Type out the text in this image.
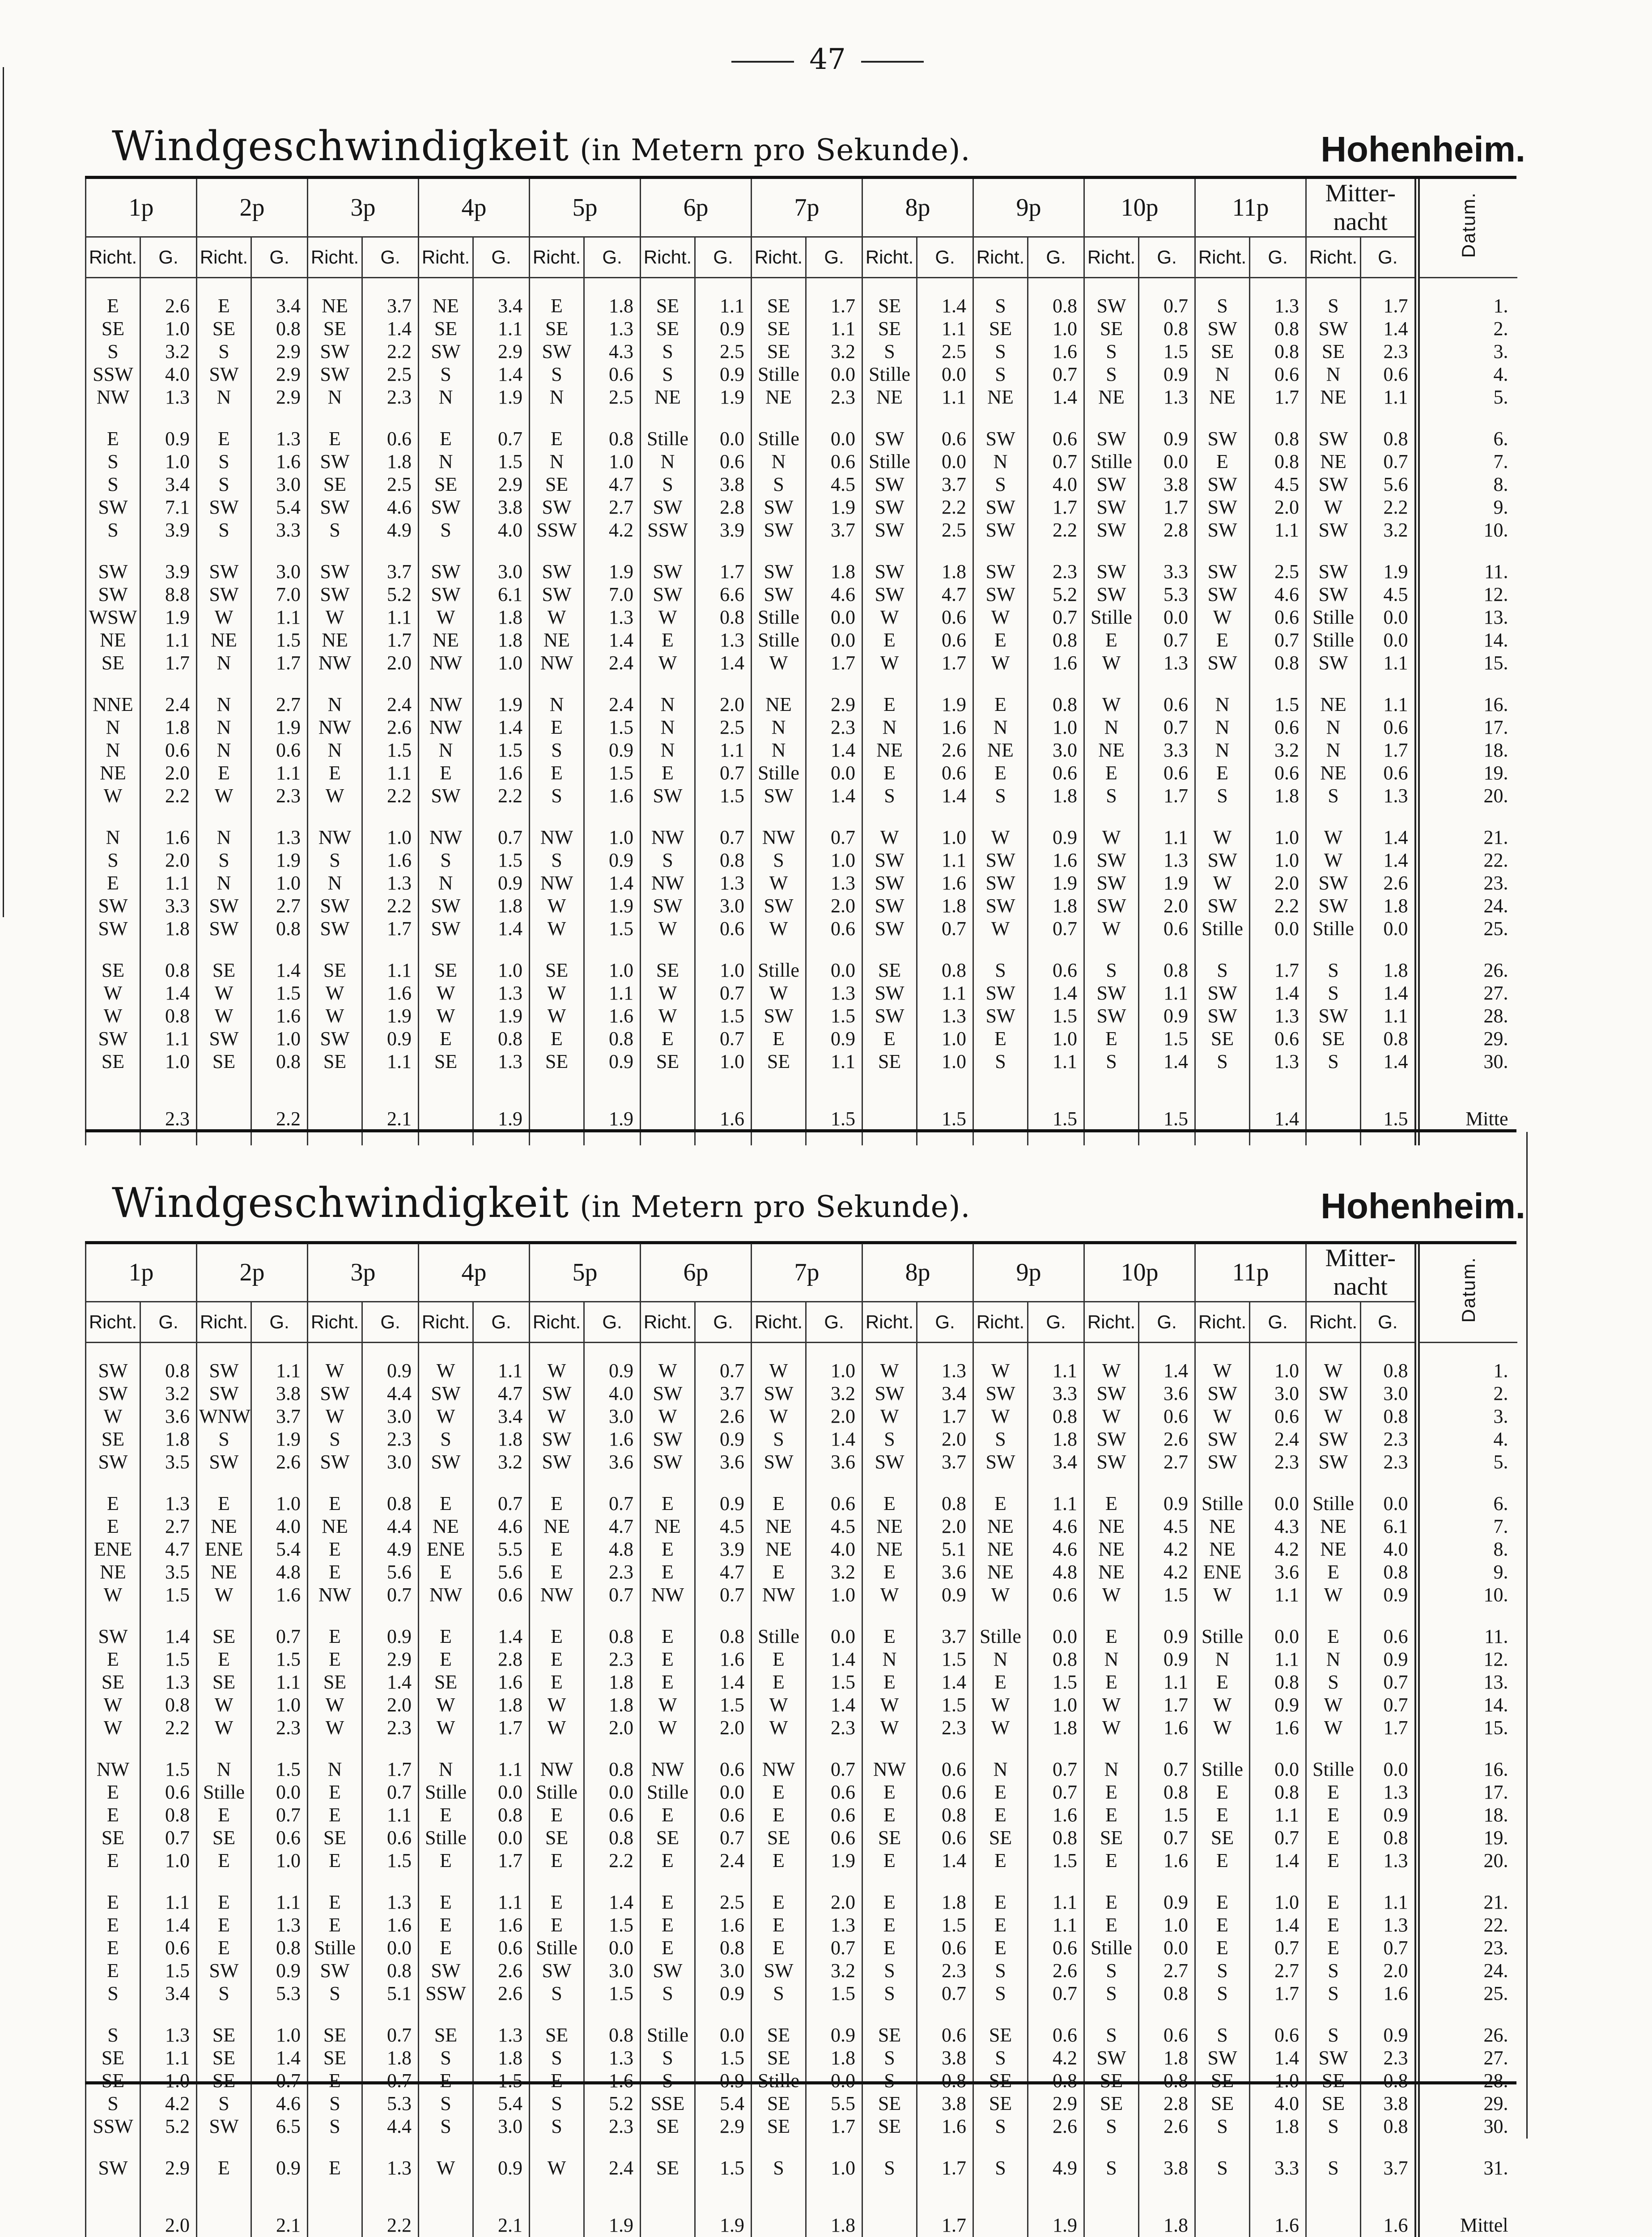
47
Windgeschwindigkeit (in Metern pro Sekunde).	Hohenheim.
1p		2p		3p		4p		5p		6p		7p		8p		9p		10p		11p		Mitter-nacht		Datum.
Richt.	G.	Richt.	G.	Richt.	G.	Richt.	G.	Richt.	G.	Richt.	G.	Richt.	G.	Richt.	G.	Richt.	G.	Richt.	G.	Richt.	G.	Richt.	G.	
E	2.6	E	3.4	NE	3.7	NE	3.4	E	1.8	SE	1.1	SE	1.7	SE	1.4	S	0.8	SW	0.7	S	1.3	S	1.7	1.
SE	1.0	SE	0.8	SE	1.4	SE	1.1	SE	1.3	SE	0.9	SE	1.1	SE	1.1	SE	1.0	SE	0.8	SW	0.8	SW	1.4	2.
S	3.2	S	2.9	SW	2.2	SW	2.9	SW	4.3	S	2.5	SE	3.2	S	2.5	S	1.6	S	1.5	SE	0.8	SE	2.3	3.
SSW	4.0	SW	2.9	SW	2.5	S	1.4	S	0.6	S	0.9	Stille	0.0	Stille	0.0	S	0.7	S	0.9	N	0.6	N	0.6	4.
NW	1.3	N	2.9	N	2.3	N	1.9	N	2.5	NE	1.9	NE	2.3	NE	1.1	NE	1.4	NE	1.3	NE	1.7	NE	1.1	5.

E	0.9	E	1.3	E	0.6	E	0.7	E	0.8	Stille	0.0	Stille	0.0	SW	0.6	SW	0.6	SW	0.9	SW	0.8	SW	0.8	6.
S	1.0	S	1.6	SW	1.8	N	1.5	N	1.0	N	0.6	N	0.6	Stille	0.0	N	0.7	Stille	0.0	E	0.8	NE	0.7	7.
S	3.4	S	3.0	SE	2.5	SE	2.9	SE	4.7	S	3.8	S	4.5	SW	3.7	S	4.0	SW	3.8	SW	4.5	SW	5.6	8.
SW	7.1	SW	5.4	SW	4.6	SW	3.8	SW	2.7	SW	2.8	SW	1.9	SW	2.2	SW	1.7	SW	1.7	SW	2.0	W	2.2	9.
S	3.9	S	3.3	S	4.9	S	4.0	SSW	4.2	SSW	3.9	SW	3.7	SW	2.5	SW	2.2	SW	2.8	SW	1.1	SW	3.2	10.

SW	3.9	SW	3.0	SW	3.7	SW	3.0	SW	1.9	SW	1.7	SW	1.8	SW	1.8	SW	2.3	SW	3.3	SW	2.5	SW	1.9	11.
SW	8.8	SW	7.0	SW	5.2	SW	6.1	SW	7.0	SW	6.6	SW	4.6	SW	4.7	SW	5.2	SW	5.3	SW	4.6	SW	4.5	12.
WSW	1.9	W	1.1	W	1.1	W	1.8	W	1.3	W	0.8	Stille	0.0	W	0.6	W	0.7	Stille	0.0	W	0.6	Stille	0.0	13.
NE	1.1	NE	1.5	NE	1.7	NE	1.8	NE	1.4	E	1.3	Stille	0.0	E	0.6	E	0.8	E	0.7	E	0.7	Stille	0.0	14.
SE	1.7	N	1.7	NW	2.0	NW	1.0	NW	2.4	W	1.4	W	1.7	W	1.7	W	1.6	W	1.3	SW	0.8	SW	1.1	15.

NNE	2.4	N	2.7	N	2.4	NW	1.9	N	2.4	N	2.0	NE	2.9	E	1.9	E	0.8	W	0.6	N	1.5	NE	1.1	16.
N	1.8	N	1.9	NW	2.6	NW	1.4	E	1.5	N	2.5	N	2.3	N	1.6	N	1.0	N	0.7	N	0.6	N	0.6	17.
N	0.6	N	0.6	N	1.5	N	1.5	S	0.9	N	1.1	N	1.4	NE	2.6	NE	3.0	NE	3.3	N	3.2	N	1.7	18.
NE	2.0	E	1.1	E	1.1	E	1.6	E	1.5	E	0.7	Stille	0.0	E	0.6	E	0.6	E	0.6	E	0.6	NE	0.6	19.
W	2.2	W	2.3	W	2.2	SW	2.2	S	1.6	SW	1.5	SW	1.4	S	1.4	S	1.8	S	1.7	S	1.8	S	1.3	20.

N	1.6	N	1.3	NW	1.0	NW	0.7	NW	1.0	NW	0.7	NW	0.7	W	1.0	W	0.9	W	1.1	W	1.0	W	1.4	21.
S	2.0	S	1.9	S	1.6	S	1.5	S	0.9	S	0.8	S	1.0	SW	1.1	SW	1.6	SW	1.3	SW	1.0	W	1.4	22.
E	1.1	N	1.0	N	1.3	N	0.9	NW	1.4	NW	1.3	W	1.3	SW	1.6	SW	1.9	SW	1.9	W	2.0	SW	2.6	23.
SW	3.3	SW	2.7	SW	2.2	SW	1.8	W	1.9	SW	3.0	SW	2.0	SW	1.8	SW	1.8	SW	2.0	SW	2.2	SW	1.8	24.
SW	1.8	SW	0.8	SW	1.7	SW	1.4	W	1.5	W	0.6	W	0.6	SW	0.7	W	0.7	W	0.6	Stille	0.0	Stille	0.0	25.

SE	0.8	SE	1.4	SE	1.1	SE	1.0	SE	1.0	SE	1.0	Stille	0.0	SE	0.8	S	0.6	S	0.8	S	1.7	S	1.8	26.
W	1.4	W	1.5	W	1.6	W	1.3	W	1.1	W	0.7	W	1.3	SW	1.1	SW	1.4	SW	1.1	SW	1.4	S	1.4	27.
W	0.8	W	1.6	W	1.9	W	1.9	W	1.6	W	1.5	SW	1.5	SW	1.3	SW	1.5	SW	0.9	SW	1.3	SW	1.1	28.
SW	1.1	SW	1.0	SW	0.9	E	0.8	E	0.8	E	0.7	E	0.9	E	1.0	E	1.0	E	1.5	SE	0.6	SE	0.8	29.
SE	1.0	SE	0.8	SE	1.1	SE	1.3	SE	0.9	SE	1.0	SE	1.1	SE	1.0	S	1.1	S	1.4	S	1.3	S	1.4	30.

	2.3		2.2		2.1		1.9		1.9		1.6		1.5		1.5		1.5		1.5		1.4		1.5	Mitte
Windgeschwindigkeit (in Metern pro Sekunde).	Hohenheim.
1p		2p		3p		4p		5p		6p		7p		8p		9p		10p		11p		Mitter-nacht		Datum.
Richt.	G.	Richt.	G.	Richt.	G.	Richt.	G.	Richt.	G.	Richt.	G.	Richt.	G.	Richt.	G.	Richt.	G.	Richt.	G.	Richt.	G.	Richt.	G.	
SW	0.8	SW	1.1	W	0.9	W	1.1	W	0.9	W	0.7	W	1.0	W	1.3	W	1.1	W	1.4	W	1.0	W	0.8	1.
SW	3.2	SW	3.8	SW	4.4	SW	4.7	SW	4.0	SW	3.7	SW	3.2	SW	3.4	SW	3.3	SW	3.6	SW	3.0	SW	3.0	2.
W	3.6	WNW	3.7	W	3.0	W	3.4	W	3.0	W	2.6	W	2.0	W	1.7	W	0.8	W	0.6	W	0.6	W	0.8	3.
SE	1.8	S	1.9	S	2.3	S	1.8	SW	1.6	SW	0.9	S	1.4	S	2.0	S	1.8	SW	2.6	SW	2.4	SW	2.3	4.
SW	3.5	SW	2.6	SW	3.0	SW	3.2	SW	3.6	SW	3.6	SW	3.6	SW	3.7	SW	3.4	SW	2.7	SW	2.3	SW	2.3	5.

E	1.3	E	1.0	E	0.8	E	0.7	E	0.7	E	0.9	E	0.6	E	0.8	E	1.1	E	0.9	Stille	0.0	Stille	0.0	6.
E	2.7	NE	4.0	NE	4.4	NE	4.6	NE	4.7	NE	4.5	NE	4.5	NE	2.0	NE	4.6	NE	4.5	NE	4.3	NE	6.1	7.
ENE	4.7	ENE	5.4	E	4.9	ENE	5.5	E	4.8	E	3.9	NE	4.0	NE	5.1	NE	4.6	NE	4.2	NE	4.2	NE	4.0	8.
NE	3.5	NE	4.8	E	5.6	E	5.6	E	2.3	E	4.7	E	3.2	E	3.6	NE	4.8	NE	4.2	ENE	3.6	E	0.8	9.
W	1.5	W	1.6	NW	0.7	NW	0.6	NW	0.7	NW	0.7	NW	1.0	W	0.9	W	0.6	W	1.5	W	1.1	W	0.9	10.

SW	1.4	SE	0.7	E	0.9	E	1.4	E	0.8	E	0.8	Stille	0.0	E	3.7	Stille	0.0	E	0.9	Stille	0.0	E	0.6	11.
E	1.5	E	1.5	E	2.9	E	2.8	E	2.3	E	1.6	E	1.4	N	1.5	N	0.8	N	0.9	N	1.1	N	0.9	12.
SE	1.3	SE	1.1	SE	1.4	SE	1.6	E	1.8	E	1.4	E	1.5	E	1.4	E	1.5	E	1.1	E	0.8	S	0.7	13.
W	0.8	W	1.0	W	2.0	W	1.8	W	1.8	W	1.5	W	1.4	W	1.5	W	1.0	W	1.7	W	0.9	W	0.7	14.
W	2.2	W	2.3	W	2.3	W	1.7	W	2.0	W	2.0	W	2.3	W	2.3	W	1.8	W	1.6	W	1.6	W	1.7	15.

NW	1.5	N	1.5	N	1.7	N	1.1	NW	0.8	NW	0.6	NW	0.7	NW	0.6	N	0.7	N	0.7	Stille	0.0	Stille	0.0	16.
E	0.6	Stille	0.0	E	0.7	Stille	0.0	Stille	0.0	Stille	0.0	E	0.6	E	0.6	E	0.7	E	0.8	E	0.8	E	1.3	17.
E	0.8	E	0.7	E	1.1	E	0.8	E	0.6	E	0.6	E	0.6	E	0.8	E	1.6	E	1.5	E	1.1	E	0.9	18.
SE	0.7	SE	0.6	SE	0.6	Stille	0.0	SE	0.8	SE	0.7	SE	0.6	SE	0.6	SE	0.8	SE	0.7	SE	0.7	E	0.8	19.
E	1.0	E	1.0	E	1.5	E	1.7	E	2.2	E	2.4	E	1.9	E	1.4	E	1.5	E	1.6	E	1.4	E	1.3	20.

E	1.1	E	1.1	E	1.3	E	1.1	E	1.4	E	2.5	E	2.0	E	1.8	E	1.1	E	0.9	E	1.0	E	1.1	21.
E	1.4	E	1.3	E	1.6	E	1.6	E	1.5	E	1.6	E	1.3	E	1.5	E	1.1	E	1.0	E	1.4	E	1.3	22.
E	0.6	E	0.8	Stille	0.0	E	0.6	Stille	0.0	E	0.8	E	0.7	E	0.6	E	0.6	Stille	0.0	E	0.7	E	0.7	23.
E	1.5	SW	0.9	SW	0.8	SW	2.6	SW	3.0	SW	3.0	SW	3.2	S	2.3	S	2.6	S	2.7	S	2.7	S	2.0	24.
S	3.4	S	5.3	S	5.1	SSW	2.6	S	1.5	S	0.9	S	1.5	S	0.7	S	0.7	S	0.8	S	1.7	S	1.6	25.

S	1.3	SE	1.0	SE	0.7	SE	1.3	SE	0.8	Stille	0.0	SE	0.9	SE	0.6	SE	0.6	S	0.6	S	0.6	S	0.9	26.
SE	1.1	SE	1.4	SE	1.8	S	1.8	S	1.3	S	1.5	SE	1.8	S	3.8	S	4.2	SW	1.8	SW	1.4	SW	2.3	27.
SE	1.0	SE	0.7	E	0.7	E	1.5	E	1.6	S	0.9	Stille	0.0	S	0.8	SE	0.8	SE	0.8	SE	1.0	SE	0.8	28.
S	4.2	S	4.6	S	5.3	S	5.4	S	5.2	SSE	5.4	SE	5.5	SE	3.8	SE	2.9	SE	2.8	SE	4.0	SE	3.8	29.
SSW	5.2	SW	6.5	S	4.4	S	3.0	S	2.3	SE	2.9	SE	1.7	SE	1.6	S	2.6	S	2.6	S	1.8	S	0.8	30.

SW	2.9	E	0.9	E	1.3	W	0.9	W	2.4	SE	1.5	S	1.0	S	1.7	S	4.9	S	3.8	S	3.3	S	3.7	31.

	2.0		2.1		2.2		2.1		1.9		1.9		1.8		1.7		1.9		1.8		1.6		1.6	Mittel
